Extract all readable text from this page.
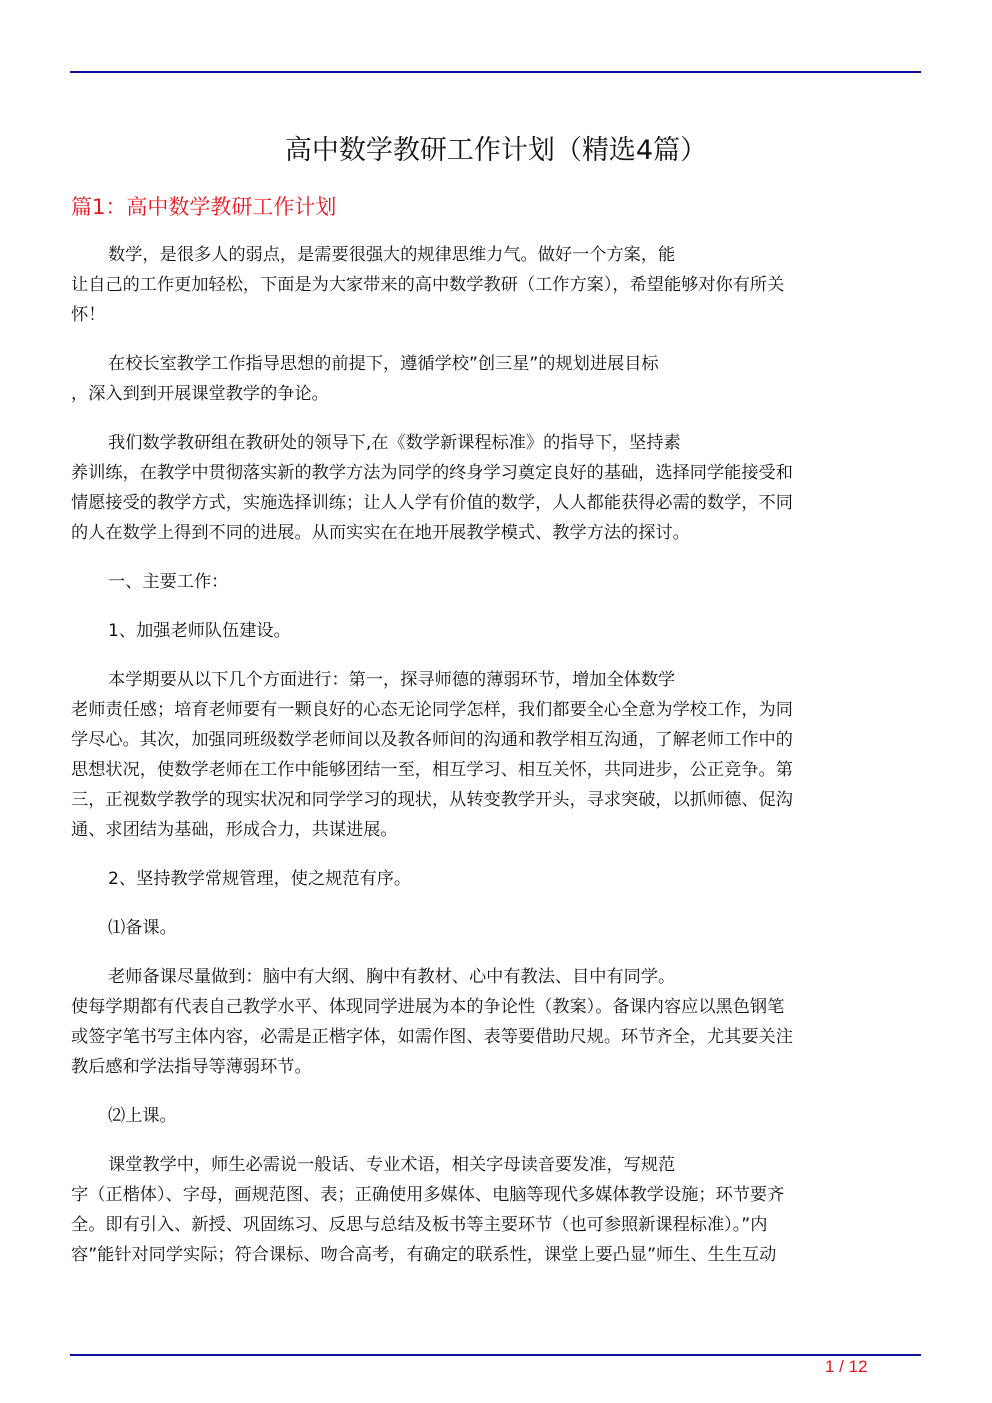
高中数学教研工作计划（精选4篇）
篇1：高中数学教研工作计划

数学，是很多人的弱点，是需要很强大的规律思维力气。做好一个方案，能
让自己的工作更加轻松，下面是为大家带来的高中数学教研（工作方案），希望能够对你有所关
怀！

在校长室教学工作指导思想的前提下，遵循学校”创三星”的规划进展目标
，深入到到开展课堂教学的争论。

我们数学教研组在教研处的领导下,在《数学新课程标准》的指导下，坚持素
养训练，在教学中贯彻落实新的教学方法为同学的终身学习奠定良好的基础，选择同学能接受和
情愿接受的教学方式，实施选择训练；让人人学有价值的数学，人人都能获得必需的数学，不同
的人在数学上得到不同的进展。从而实实在在地开展教学模式、教学方法的探讨。

一、主要工作：

1、加强老师队伍建设。

本学期要从以下几个方面进行：第一，探寻师德的薄弱环节，增加全体数学
老师责任感；培育老师要有一颗良好的心态无论同学怎样，我们都要全心全意为学校工作，为同
学尽心。其次，加强同班级数学老师间以及教各师间的沟通和教学相互沟通，了解老师工作中的
思想状况，使数学老师在工作中能够团结一至，相互学习、相互关怀，共同进步，公正竞争。第
三，正视数学教学的现实状况和同学学习的现状，从转变教学开头，寻求突破，以抓师德、促沟
通、求团结为基础，形成合力，共谋进展。

2、坚持教学常规管理，使之规范有序。

⑴备课。

老师备课尽量做到：脑中有大纲、胸中有教材、心中有教法、目中有同学。
使每学期都有代表自己教学水平、体现同学进展为本的争论性（教案）。备课内容应以黑色钢笔
或签字笔书写主体内容，必需是正楷字体，如需作图、表等要借助尺规。环节齐全，尤其要关注
教后感和学法指导等薄弱环节。

⑵上课。

课堂教学中，师生必需说一般话、专业术语，相关字母读音要发准，写规范
字（正楷体）、字母，画规范图、表；正确使用多媒体、电脑等现代多媒体教学设施；环节要齐
全。即有引入、新授、巩固练习、反思与总结及板书等主要环节（也可参照新课程标准）。”内
容”能针对同学实际；符合课标、吻合高考，有确定的联系性，课堂上要凸显”师生、生生互动

1 / 12
